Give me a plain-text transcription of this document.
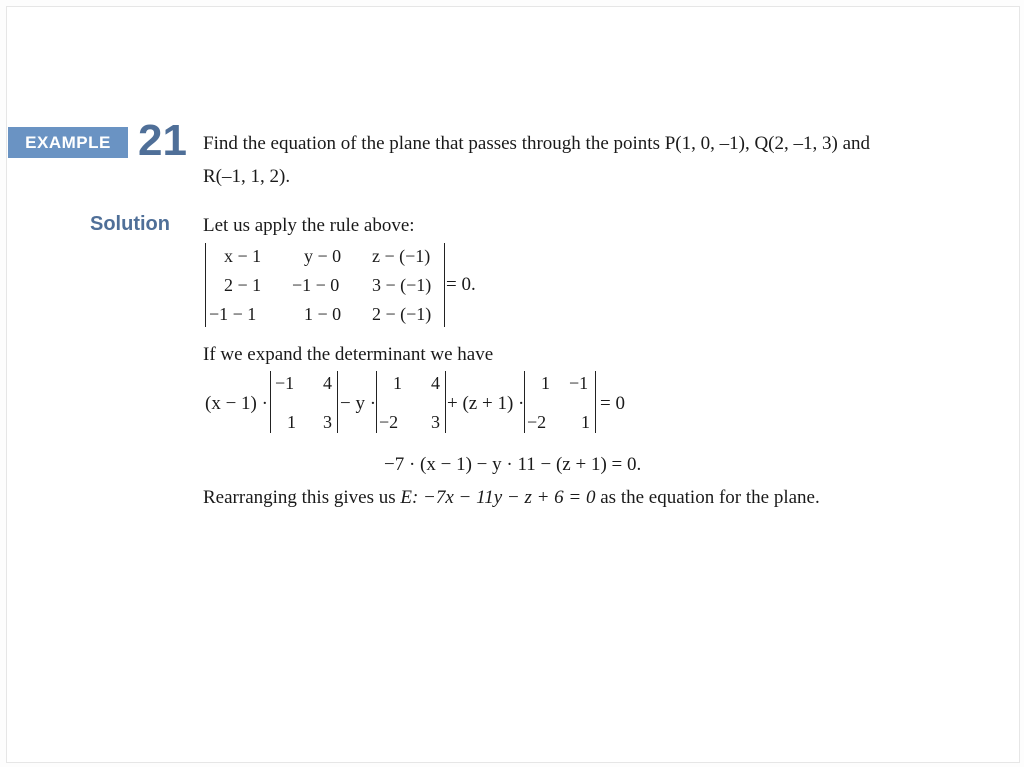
EXAMPLE 21 Find the equation of the plane that passes through the points P(1, 0, –1), Q(2, –1, 3) and
R(–1, 1, 2).
Solution Let us apply the rule above:
x − 1 y − 0 z − (−1)
2 − 1 −1 − 0 3 − (−1)
−1 − 1	1 − 0 2 − (−1)
= 0.
If we expand the determinant we have
(x − 1) ·
−1 4
1 3
− y ·
1 4
−2 3
+ (z + 1) ·
1 −1
−2 1
= 0
−7 · (x − 1) − y · 11 − (z + 1) = 0.
Rearranging this gives us E: −7x − 11y − z + 6 = 0 as the equation for the plane.
